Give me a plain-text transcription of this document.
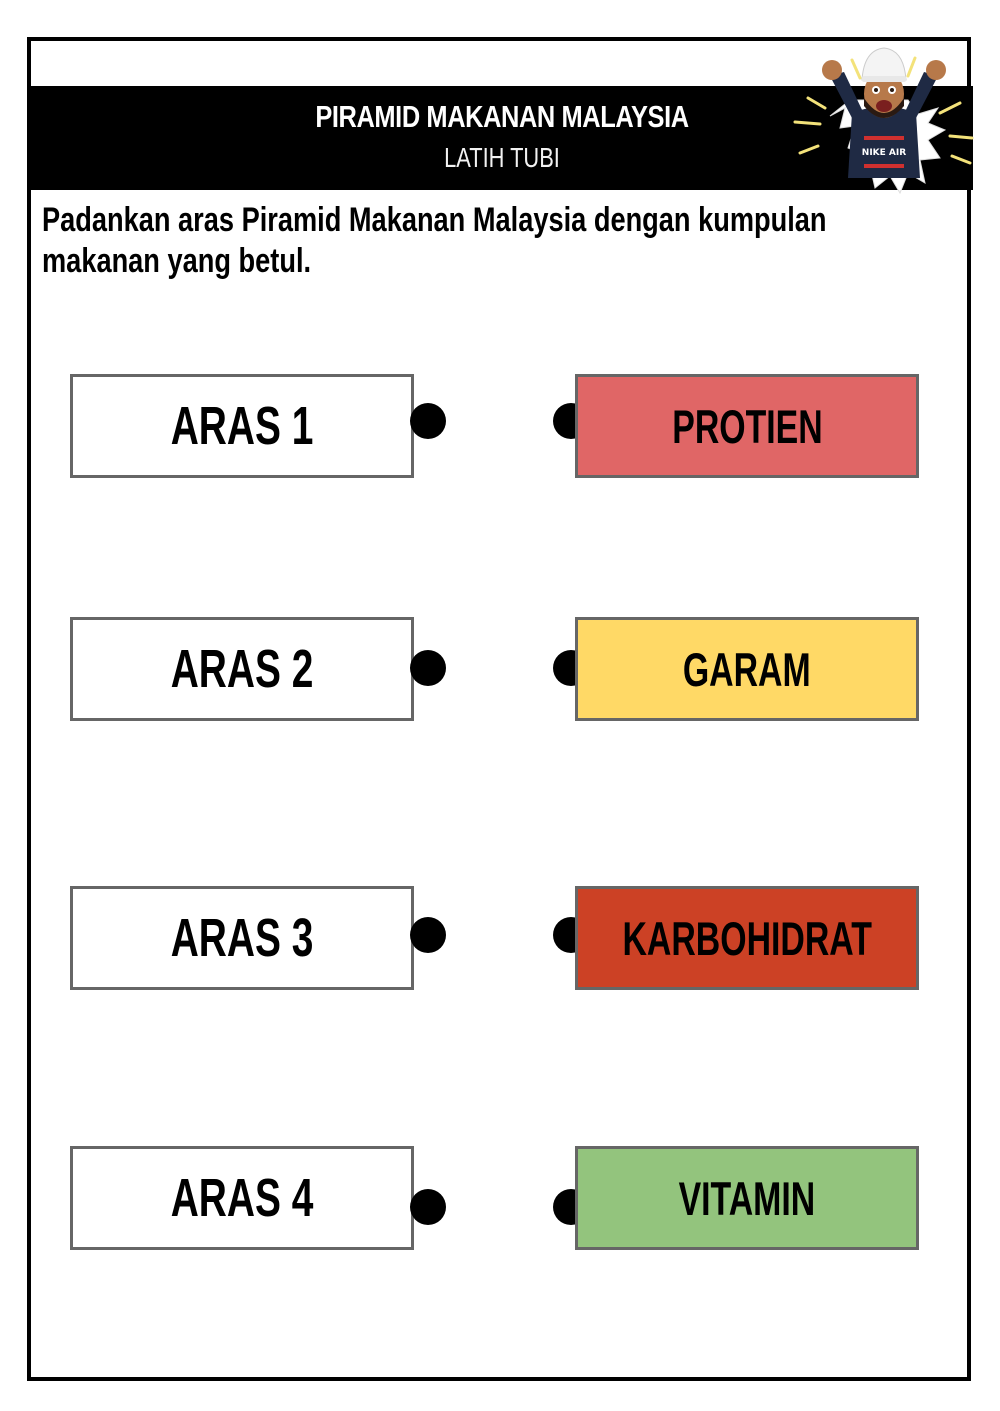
PIRAMID MAKANAN MALAYSIA
LATIH TUBI	NIKE AIR
Padankan aras Piramid Makanan Malaysia dengan kumpulan makanan yang betul.
ARAS 1	PROTIEN
ARAS 2	GARAM
ARAS 3	KARBOHIDRAT
ARAS 4	VITAMIN
